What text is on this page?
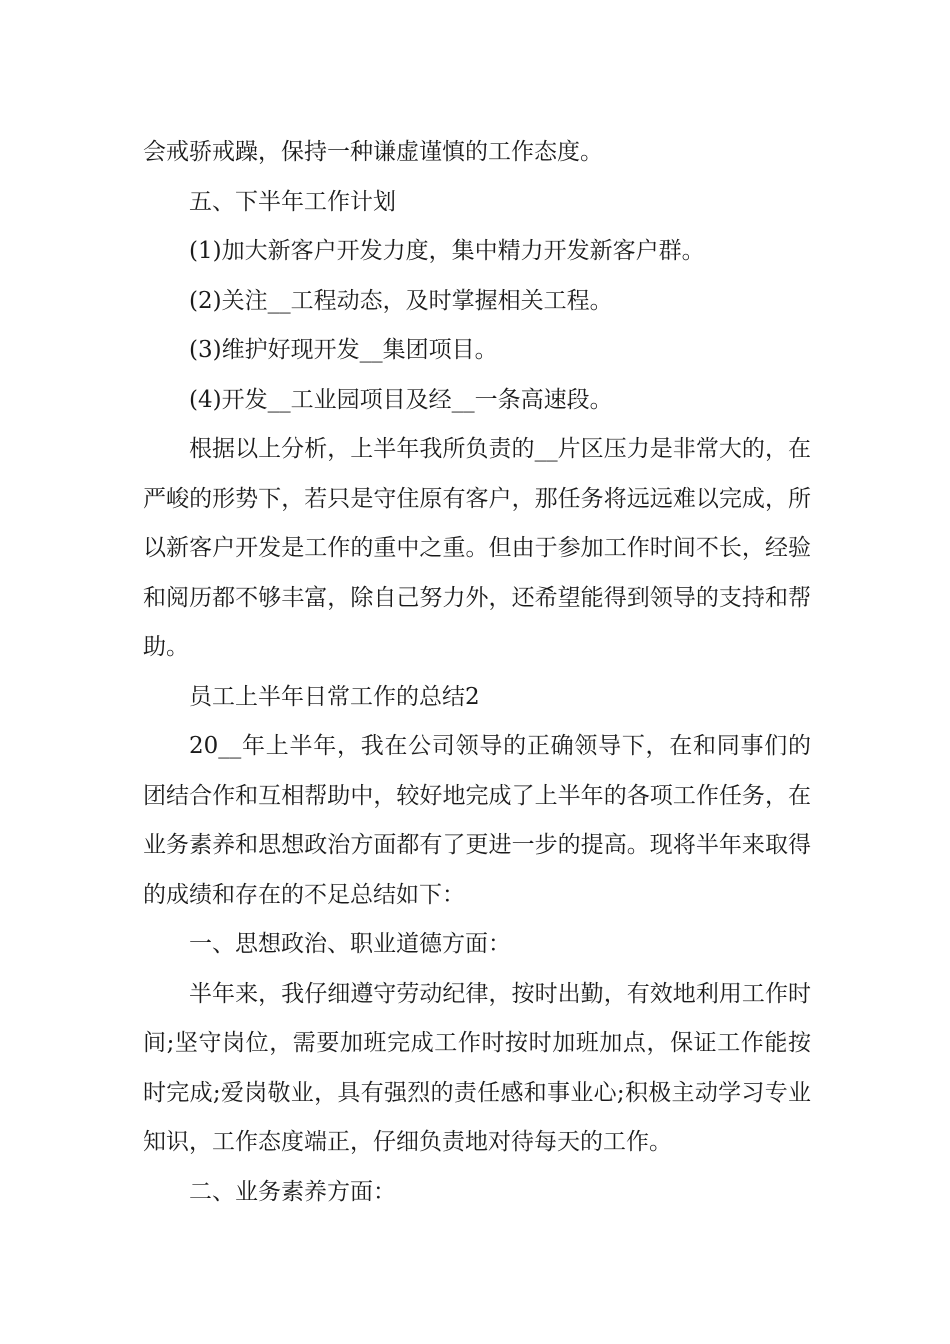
会戒骄戒躁，保持一种谦虚谨慎的工作态度。

五、下半年工作计划

(1)加大新客户开发力度，集中精力开发新客户群。

(2)关注__工程动态，及时掌握相关工程。

(3)维护好现开发__集团项目。

(4)开发__工业园项目及经__一条高速段。

根据以上分析，上半年我所负责的__片区压力是非常大的，在严峻的形势下，若只是守住原有客户，那任务将远远难以完成，所以新客户开发是工作的重中之重。但由于参加工作时间不长，经验和阅历都不够丰富，除自己努力外，还希望能得到领导的支持和帮助。

员工上半年日常工作的总结2

20__年上半年，我在公司领导的正确领导下，在和同事们的团结合作和互相帮助中，较好地完成了上半年的各项工作任务，在业务素养和思想政治方面都有了更进一步的提高。现将半年来取得的成绩和存在的不足总结如下：

一、思想政治、职业道德方面：

半年来，我仔细遵守劳动纪律，按时出勤，有效地利用工作时间;坚守岗位，需要加班完成工作时按时加班加点，保证工作能按时完成;爱岗敬业，具有强烈的责任感和事业心;积极主动学习专业知识，工作态度端正，仔细负责地对待每天的工作。

二、业务素养方面：
